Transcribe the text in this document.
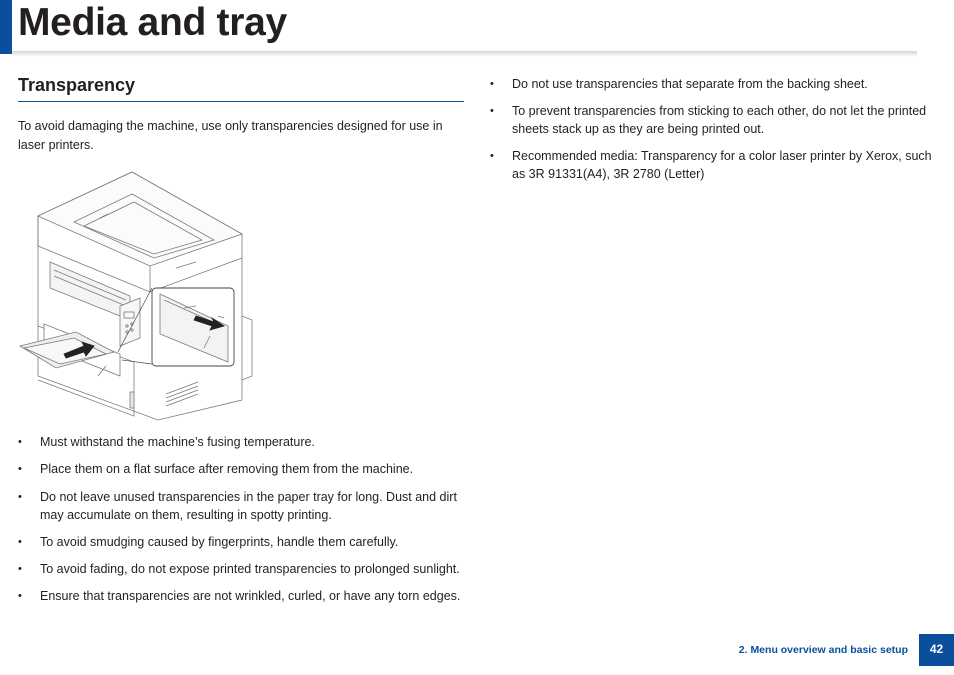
Media and tray
Transparency

To avoid damaging the machine, use only transparencies designed for use in laser printers.

• Must withstand the machine’s fusing temperature.
• Place them on a flat surface after removing them from the machine.
• Do not leave unused transparencies in the paper tray for long. Dust and dirt may accumulate on them, resulting in spotty printing.
• To avoid smudging caused by fingerprints, handle them carefully.
• To avoid fading, do not expose printed transparencies to prolonged sunlight.
• Ensure that transparencies are not wrinkled, curled, or have any torn edges.
• Do not use transparencies that separate from the backing sheet.
• To prevent transparencies from sticking to each other, do not let the printed sheets stack up as they are being printed out.
• Recommended media: Transparency for a color laser printer by Xerox, such as 3R 91331(A4), 3R 2780 (Letter)
2. Menu overview and basic setup	42
